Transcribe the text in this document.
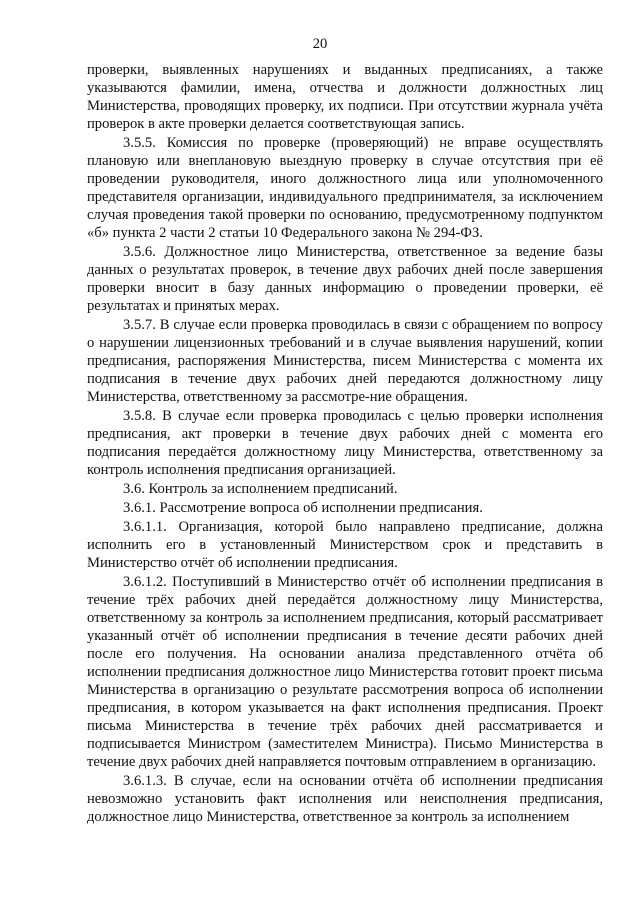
20

проверки, выявленных нарушениях и выданных предписаниях, а также указываются фамилии, имена, отчества и должности должностных лиц Министерства, проводящих проверку, их подписи. При отсутствии журнала учёта проверок в акте проверки делается соответствующая запись.

3.5.5. Комиссия по проверке (проверяющий) не вправе осуществлять плановую или внеплановую выездную проверку в случае отсутствия при её проведении руководителя, иного должностного лица или уполномоченного представителя организации, индивидуального предпринимателя, за исключением случая проведения такой проверки по основанию, предусмотренному подпунктом «б» пункта 2 части 2 статьи 10 Федерального закона № 294-ФЗ.

3.5.6. Должностное лицо Министерства, ответственное за ведение базы данных о результатах проверок, в течение двух рабочих дней после завершения проверки вносит в базу данных информацию о проведении проверки, её результатах и принятых мерах.

3.5.7. В случае если проверка проводилась в связи с обращением по вопросу о нарушении лицензионных требований и в случае выявления нарушений, копии предписания, распоряжения Министерства, писем Министерства с момента их подписания в течение двух рабочих дней передаются должностному лицу Министерства, ответственному за рассмотре-ние обращения.

3.5.8. В случае если проверка проводилась с целью проверки исполнения предписания, акт проверки в течение двух рабочих дней с момента его подписания передаётся должностному лицу Министерства, ответственному за контроль исполнения предписания организацией.

3.6. Контроль за исполнением предписаний.

3.6.1. Рассмотрение вопроса об исполнении предписания.

3.6.1.1. Организация, которой было направлено предписание, должна исполнить его в установленный Министерством срок и представить в Министерство отчёт об исполнении предписания.

3.6.1.2. Поступивший в Министерство отчёт об исполнении предписания в течение трёх рабочих дней передаётся должностному лицу Министерства, ответственному за контроль за исполнением предписания, который рассматривает указанный отчёт об исполнении предписания в течение десяти рабочих дней после его получения. На основании анализа представленного отчёта об исполнении предписания должностное лицо Министерства готовит проект письма Министерства в организацию о результате рассмотрения вопроса об исполнении предписания, в котором указывается на факт исполнения предписания. Проект письма Министерства в течение трёх рабочих дней рассматривается и подписывается Министром (заместителем Министра). Письмо Министерства в течение двух рабочих дней направляется почтовым отправлением в организацию.

3.6.1.3. В случае, если на основании отчёта об исполнении предписания невозможно установить факт исполнения или неисполнения предписания, должностное лицо Министерства, ответственное за контроль за исполнением
